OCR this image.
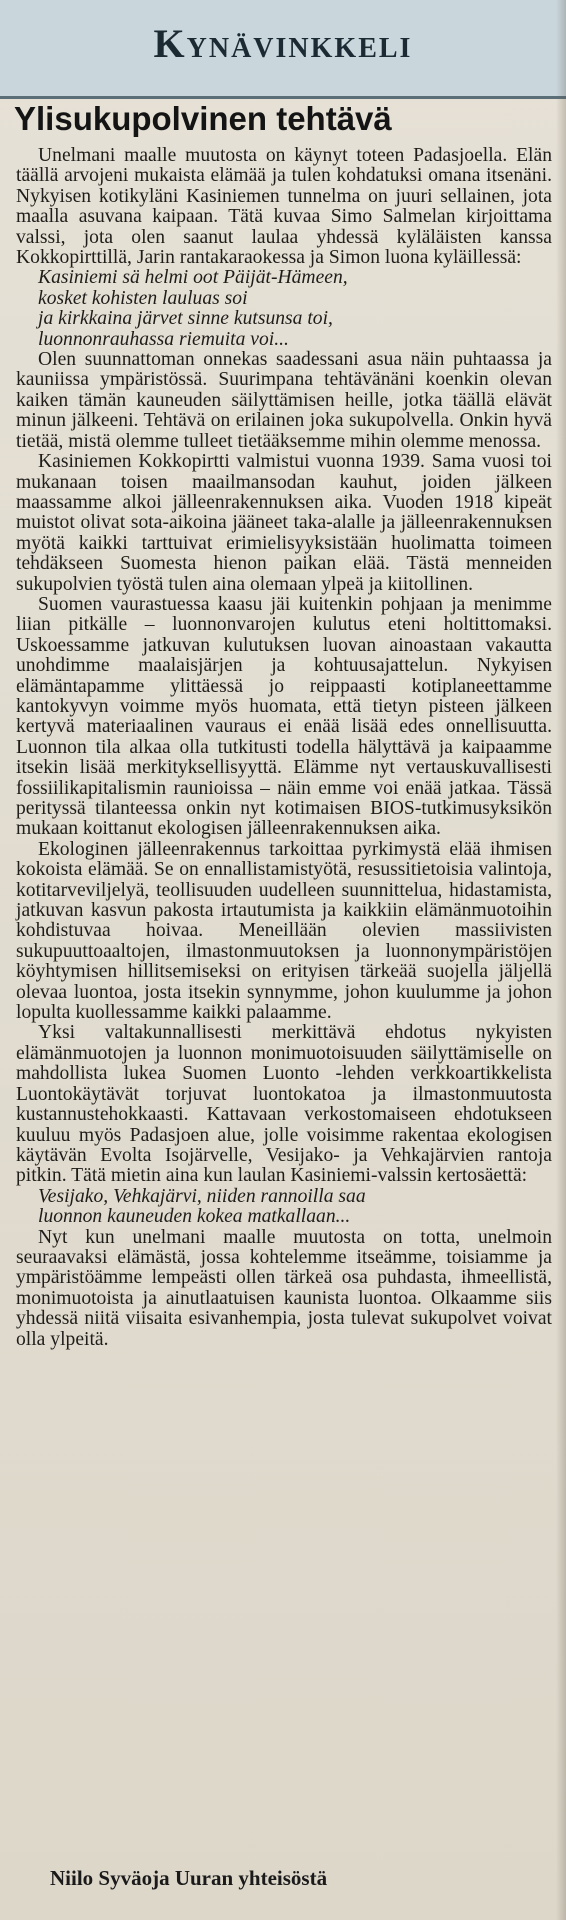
Kynävinkkeli
Ylisukupolvinen tehtävä

Unelmani maalle muutosta on käynyt toteen Padasjoella. Elän täällä arvojeni mukaista elämää ja tulen kohdatuksi omana itsenäni. Nykyisen kotikyläni Kasiniemen tunnelma on juuri sellainen, jota maalla asuvana kaipaan. Tätä kuvaa Simo Salmelan kirjoittama valssi, jota olen saanut laulaa yhdessä kyläläisten kanssa Kokkopirttillä, Jarin rantakaraokessa ja Simon luona kyläillessä:

Kasiniemi sä helmi oot Päijät-Hämeen,
kosket kohisten lauluas soi
ja kirkkaina järvet sinne kutsunsa toi,
luonnonrauhassa riemuita voi...

Olen suunnattoman onnekas saadessani asua näin puhtaassa ja kauniissa ympäristössä. Suurimpana tehtävänäni koenkin olevan kaiken tämän kauneuden säilyttämisen heille, jotka täällä elävät minun jälkeeni. Tehtävä on erilainen joka sukupolvella. Onkin hyvä tietää, mistä olemme tulleet tietääksemme mihin olemme menossa.

Kasiniemen Kokkopirtti valmistui vuonna 1939. Sama vuosi toi mukanaan toisen maailmansodan kauhut, joiden jälkeen maassamme alkoi jälleenrakennuksen aika. Vuoden 1918 kipeät muistot olivat sota-aikoina jääneet taka-alalle ja jälleenrakennuksen myötä kaikki tarttuivat erimielisyyksistään huolimatta toimeen tehdäkseen Suomesta hienon paikan elää. Tästä menneiden sukupolvien työstä tulen aina olemaan ylpeä ja kiitollinen.

Suomen vaurastuessa kaasu jäi kuitenkin pohjaan ja menimme liian pitkälle – luonnonvarojen kulutus eteni holtittomaksi. Uskoessamme jatkuvan kulutuksen luovan ainoastaan vakautta unohdimme maalaisjärjen ja kohtuusajattelun. Nykyisen elämäntapamme ylittäessä jo reippaasti kotiplaneettamme kantokyvyn voimme myös huomata, että tietyn pisteen jälkeen kertyvä materiaalinen vauraus ei enää lisää edes onnellisuutta. Luonnon tila alkaa olla tutkitusti todella hälyttävä ja kaipaamme itsekin lisää merkityksellisyyttä. Elämme nyt vertauskuvallisesti fossiilikapitalismin raunioissa – näin emme voi enää jatkaa. Tässä perityssä tilanteessa onkin nyt kotimaisen BIOS-tutkimusyksikön mukaan koittanut ekologisen jälleenrakennuksen aika.

Ekologinen jälleenrakennus tarkoittaa pyrkimystä elää ihmisen kokoista elämää. Se on ennallistamistyötä, resussitietoisia valintoja, kotitarveviljelyä, teollisuuden uudelleen suunnittelua, hidastamista, jatkuvan kasvun pakosta irtautumista ja kaikkiin elämänmuotoihin kohdistuvaa hoivaa. Meneillään olevien massiivisten sukupuuttoaaltojen, ilmastonmuutoksen ja luonnonympäristöjen köyhtymisen hillitsemiseksi on erityisen tärkeää suojella jäljellä olevaa luontoa, josta itsekin synnymme, johon kuulumme ja johon lopulta kuollessamme kaikki palaamme.

Yksi valtakunnallisesti merkittävä ehdotus nykyisten elämänmuotojen ja luonnon monimuotoisuuden säilyttämiselle on mahdollista lukea Suomen Luonto -lehden verkkoartikkelista Luontokäytävät torjuvat luontokatoa ja ilmastonmuutosta kustannustehokkaasti. Kattavaan verkostomaiseen ehdotukseen kuuluu myös Padasjoen alue, jolle voisimme rakentaa ekologisen käytävän Evolta Isojärvelle, Vesijako- ja Vehkajärvien rantoja pitkin. Tätä mietin aina kun laulan Kasiniemi-valssin kertosäettä:

Vesijako, Vehkajärvi, niiden rannoilla saa
luonnon kauneuden kokea matkallaan...

Nyt kun unelmani maalle muutosta on totta, unelmoin seuraavaksi elämästä, jossa kohtelemme itseämme, toisiamme ja ympäristöämme lempeästi ollen tärkeä osa puhdasta, ihmeellistä, monimuotoista ja ainutlaatuisen kaunista luontoa. Olkaamme siis yhdessä niitä viisaita esivanhempia, josta tulevat sukupolvet voivat olla ylpeitä.

Niilo Syväoja Uuran yhteisöstä
